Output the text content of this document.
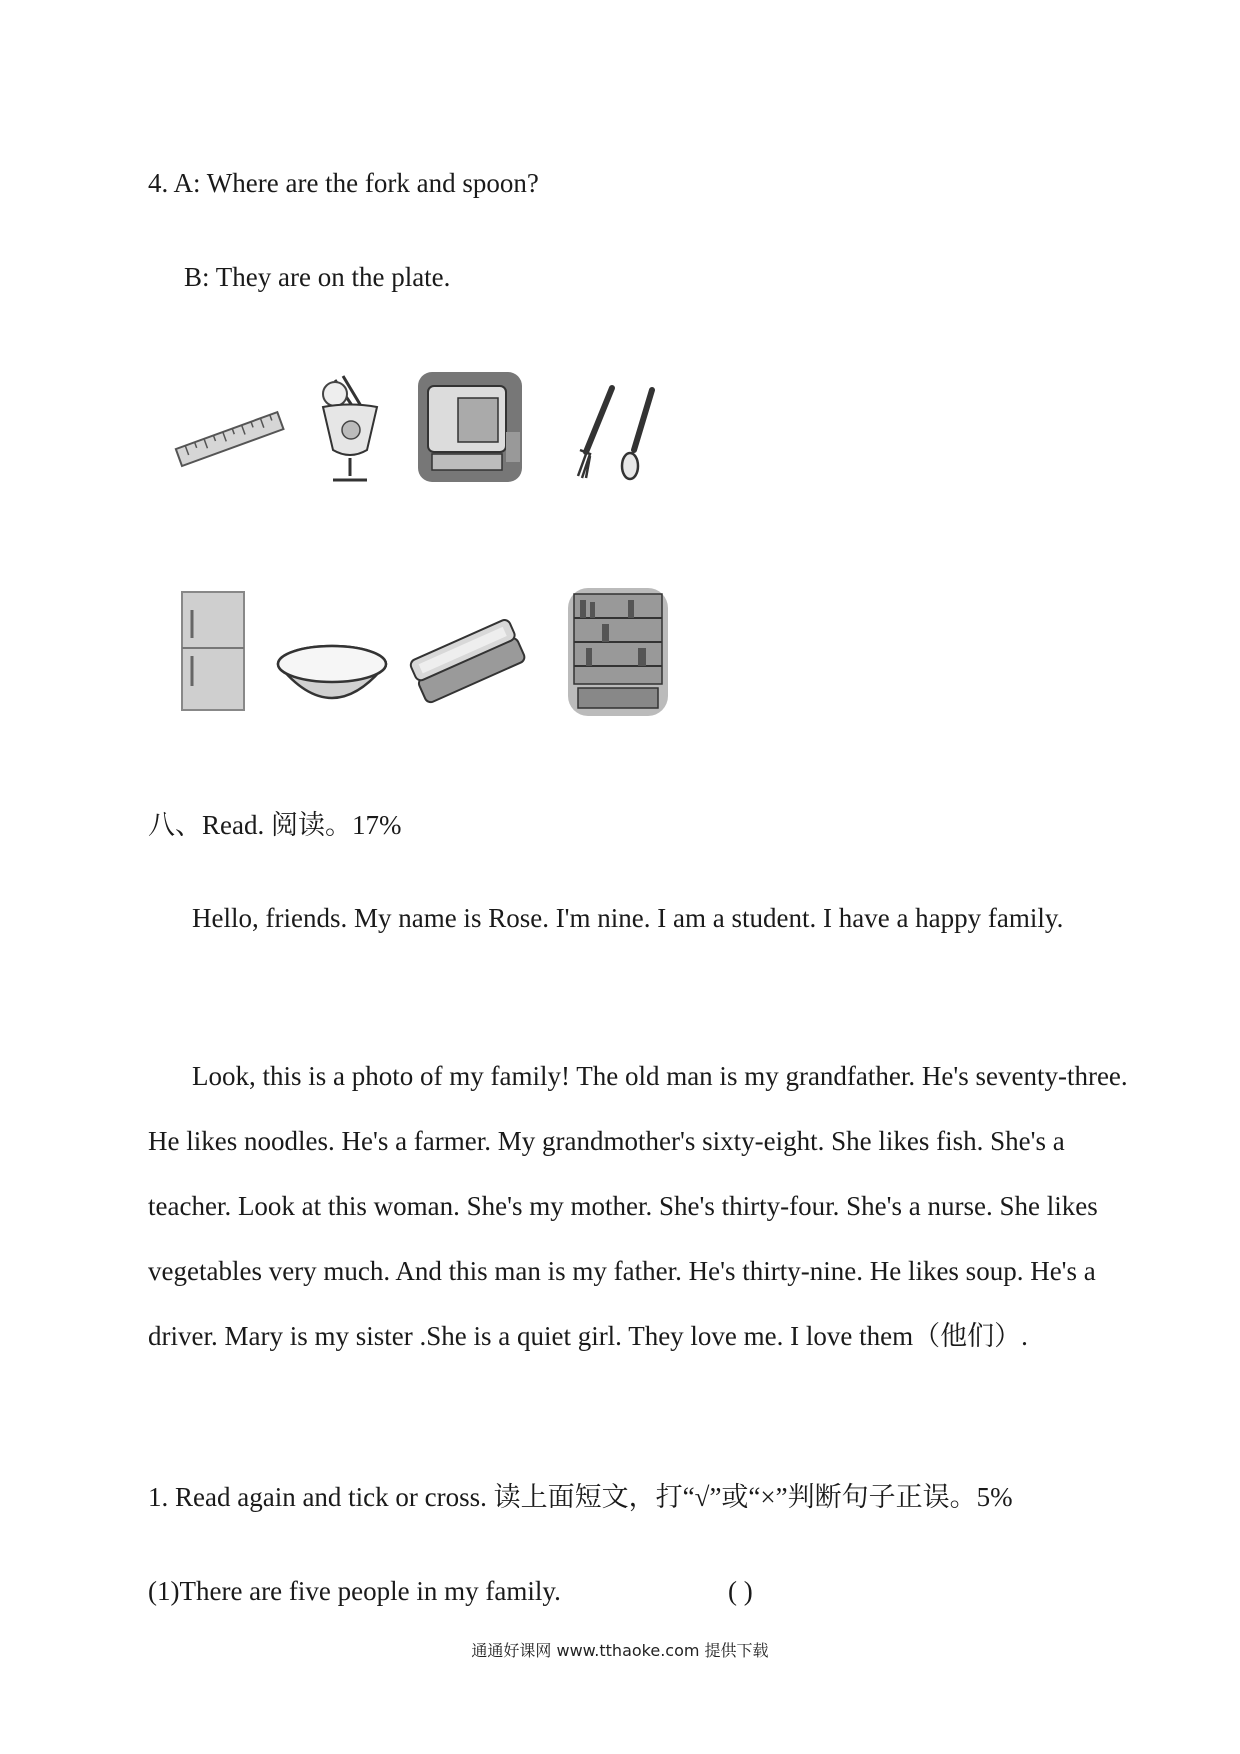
4. A: Where are the fork and spoon?
B: They are on the plate.
八、Read. 阅读。17%

Hello, friends. My name is Rose. I'm nine. I am a student. I have a happy family.

Look, this is a photo of my family! The old man is my grandfather. He's seventy-three. He likes noodles. He's a farmer. My grandmother's sixty-eight. She likes fish. She's a teacher. Look at this woman. She's my mother. She's thirty-four. She's a nurse. She likes vegetables very much. And this man is my father. He's thirty-nine. He likes soup. He's a driver. Mary is my sister .She is a quiet girl. They love me. I love them（他们）.

1. Read again and tick or cross. 读上面短文，打“√”或“×”判断句子正误。5%
(1)There are five people in my family.	( )
通通好课网 www.tthaoke.com 提供下载
